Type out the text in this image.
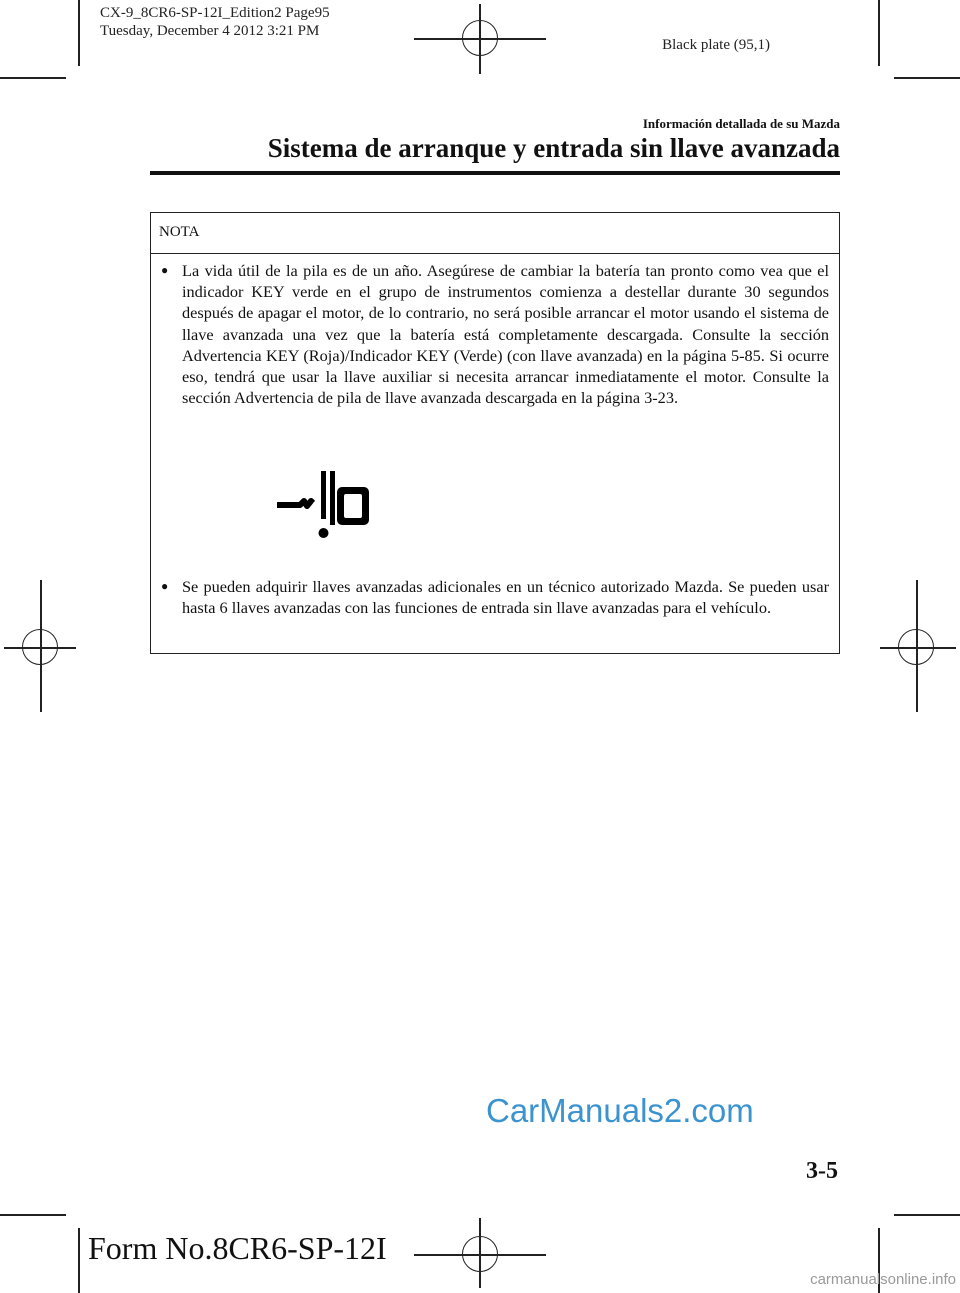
CX-9_8CR6-SP-12I_Edition2 Page95
Tuesday, December 4 2012 3:21 PM
Black plate (95,1)
Información detallada de su Mazda
Sistema de arranque y entrada sin llave avanzada
NOTA
● La vida útil de la pila es de un año. Asegúrese de cambiar la batería tan pronto como vea que el indicador KEY verde en el grupo de instrumentos comienza a destellar durante 30 segundos después de apagar el motor, de lo contrario, no será posible arrancar el motor usando el sistema de llave avanzada una vez que la batería está completamente descargada. Consulte la sección Advertencia KEY (Roja)/Indicador KEY (Verde) (con llave avanzada) en la página 5-85. Si ocurre eso, tendrá que usar la llave auxiliar si necesita arrancar inmediatamente el motor. Consulte la sección Advertencia de pila de llave avanzada descargada en la página 3-23.
● Se pueden adquirir llaves avanzadas adicionales en un técnico autorizado Mazda. Se pueden usar hasta 6 llaves avanzadas con las funciones de entrada sin llave avanzadas para el vehículo.
CarManuals2.com
3-5
Form No.8CR6-SP-12I
carmanualsonline.info
